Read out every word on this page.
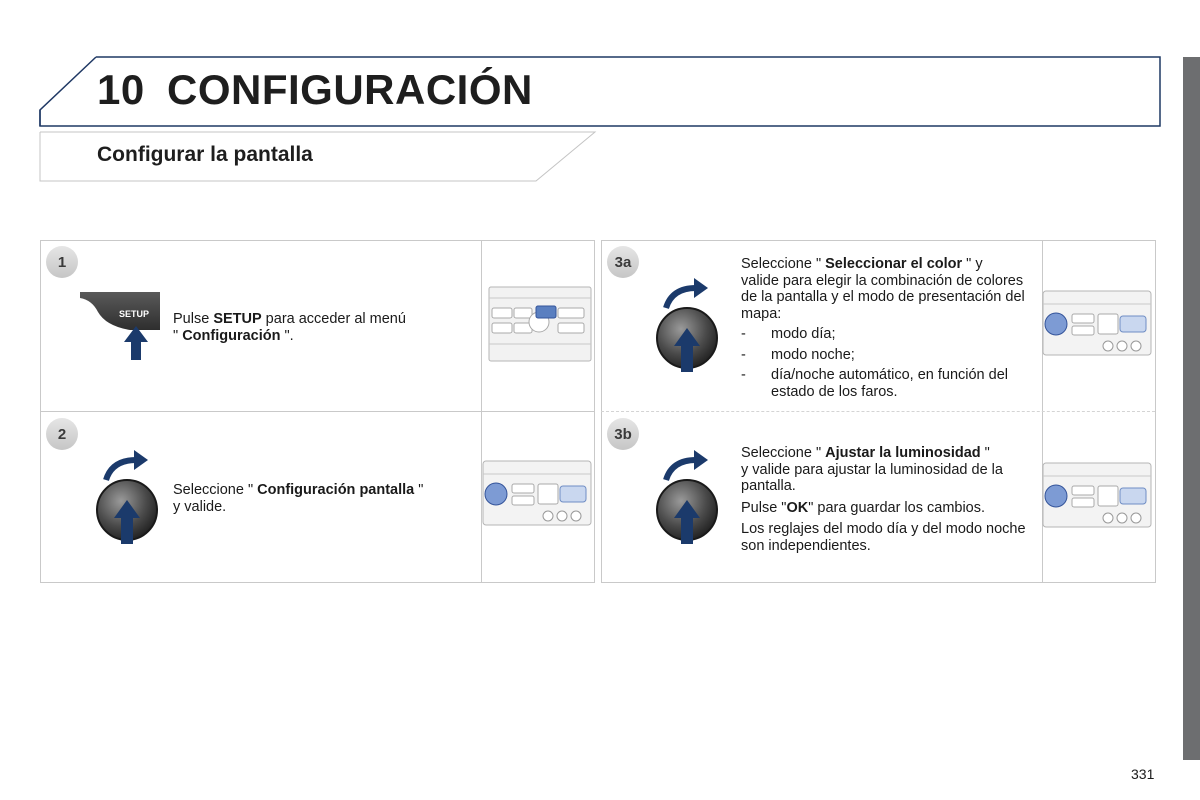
10 CONFIGURACIÓN
Configurar la pantalla
1
SETUP Pulse SETUP para acceder al menú

" Configuración ".

2

Seleccione " Configuración pantalla "

y valide.

3a	Seleccione " Seleccionar el color " y

valide para elegir la combinación de colores de la pantalla y el modo de presentación del mapa:

- modo día;
- modo noche;
- día/noche automático, en función del estado de los faros.
3b

Seleccione " Ajustar la luminosidad "

y valide para ajustar la luminosidad de la pantalla.

Pulse "OK" para guardar los cambios.

Los reglajes del modo día y del modo noche son independientes.

331
